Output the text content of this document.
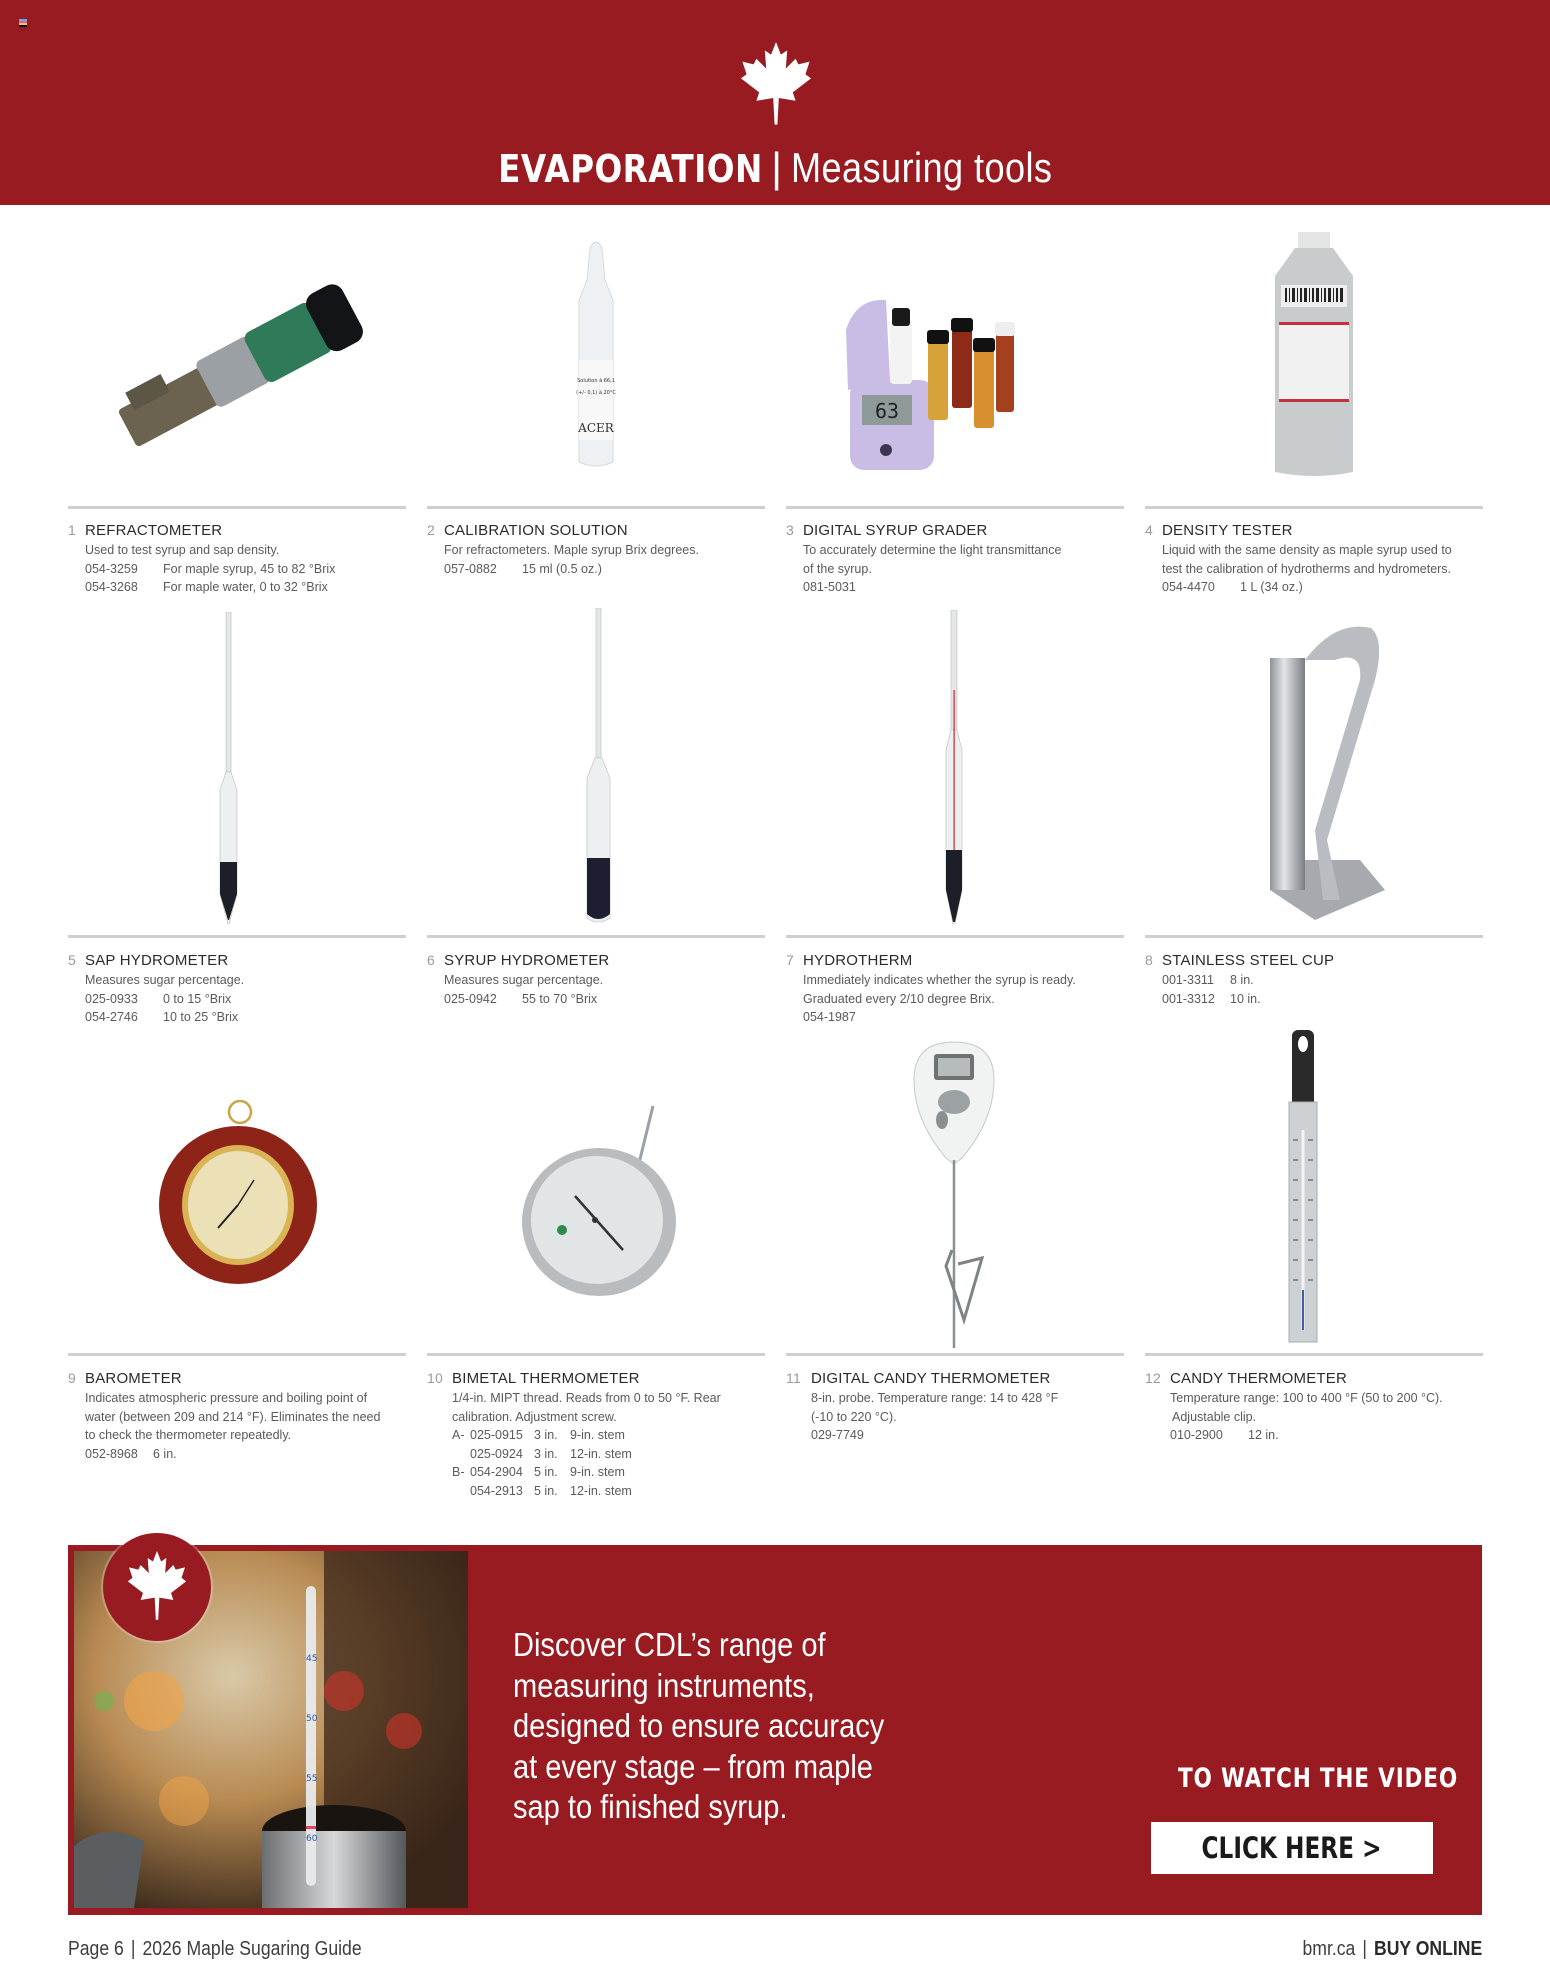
EVAPORATION | Measuring tools
1 REFRACTOMETER
Used to test syrup and sap density.
054-3259 For maple syrup, 45 to 82 °Brix
054-3268 For maple water, 0 to 32 °Brix
Solution à 66,1
(+/- 0,1) à 20°C
ACER
2 CALIBRATION SOLUTION
For refractometers. Maple syrup Brix degrees.
057-0882 15 ml (0.5 oz.)
63
3 DIGITAL SYRUP GRADER
To accurately determine the light transmittance
of the syrup.
081-5031
4 DENSITY TESTER
Liquid with the same density as maple syrup used to
test the calibration of hydrotherms and hydrometers.
054-4470 1 L (34 oz.)
5 SAP HYDROMETER
Measures sugar percentage.
025-0933 0 to 15 °Brix
054-2746 10 to 25 °Brix
6 SYRUP HYDROMETER
Measures sugar percentage.
025-0942 55 to 70 °Brix
7 HYDROTHERM
Immediately indicates whether the syrup is ready.
Graduated every 2/10 degree Brix.
054-1987
8 STAINLESS STEEL CUP
001-3311 8 in.
001-3312 10 in.
9 BAROMETER
Indicates atmospheric pressure and boiling point of
water (between 209 and 214 °F). Eliminates the need
to check the thermometer repeatedly.
052-8968 6 in.
10 BIMETAL THERMOMETER
1/4-in. MIPT thread. Reads from 0 to 50 °F. Rear
calibration. Adjustment screw.
A- 025-0915 3 in. 9-in. stem
025-0924 3 in. 12-in. stem
B- 054-2904 5 in. 9-in. stem
054-2913 5 in. 12-in. stem
11 DIGITAL CANDY THERMOMETER
8-in. probe. Temperature range: 14 to 428 °F
(-10 to 220 °C).
029-7749
12 CANDY THERMOMETER
Temperature range: 100 to 400 °F (50 to 200 °C).
Adjustable clip.
010-2900 12 in.
45
50
55
60
Discover CDL’s range of
measuring instruments,
designed to ensure accuracy
at every stage – from maple
sap to finished syrup.
TO WATCH THE VIDEO
CLICK HERE >
Page 6 | 2026 Maple Sugaring Guide	bmr.ca | BUY ONLINE
